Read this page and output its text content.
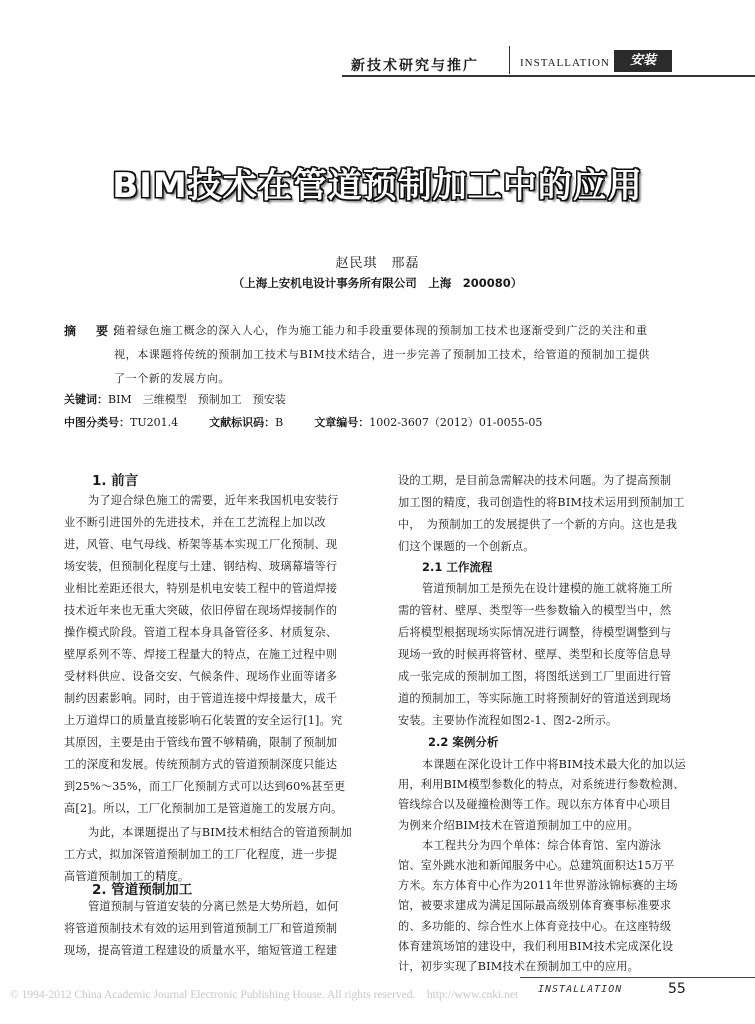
新技术研究与推广	INSTALLATION	安装
BIM技术在管道预制加工中的应用
赵民琪　邢磊
（上海上安机电设计事务所有限公司　上海　200080）
摘　要：
随着绿色施工概念的深入人心，作为施工能力和手段重要体现的预制加工技术也逐渐受到广泛的关注和重
视，本课题将传统的预制加工技术与BIM技术结合，进一步完善了预制加工技术，给管道的预制加工提供
了一个新的发展方向。
关键词：BIM　三维模型　预制加工　预安装
中图分类号：TU201.4	文献标识码：B	文章编号：1002-3607（2012）01-0055-05
1. 前言
为了迎合绿色施工的需要，近年来我国机电安装行
业不断引进国外的先进技术，并在工艺流程上加以改
进，风管、电气母线、桥架等基本实现工厂化预制、现
场安装，但预制化程度与土建、钢结构、玻璃幕墙等行
业相比差距还很大，特别是机电安装工程中的管道焊接
技术近年来也无重大突破，依旧停留在现场焊接制作的
操作模式阶段。管道工程本身具备管径多、材质复杂、
壁厚系列不等、焊接工程量大的特点，在施工过程中则
受材料供应、设备交安、气候条件、现场作业面等诸多
制约因素影响。同时，由于管道连接中焊接量大，成千
上万道焊口的质量直接影响石化装置的安全运行[1]。究
其原因，主要是由于管线布置不够精确，限制了预制加
工的深度和发展。传统预制方式的管道预制深度只能达
到25%～35%，而工厂化预制方式可以达到60%甚至更
高[2]。所以，工厂化预制加工是管道施工的发展方向。
为此，本课题提出了与BIM技术相结合的管道预制加
工方式，拟加深管道预制加工的工厂化程度，进一步提
高管道预制加工的精度。
2. 管道预制加工
管道预制与管道安装的分离已然是大势所趋，如何
将管道预制技术有效的运用到管道预制工厂和管道预制
现场，提高管道工程建设的质量水平，缩短管道工程建
设的工期，是目前急需解决的技术问题。为了提高预制
加工图的精度，我司创造性的将BIM技术运用到预制加工
中，　为预制加工的发展提供了一个新的方向。这也是我
们这个课题的一个创新点。
2.1 工作流程
管道预制加工是预先在设计建模的施工就将施工所
需的管材、壁厚、类型等一些参数输入的模型当中，然
后将模型根据现场实际情况进行调整，待模型调整到与
现场一致的时候再将管材、壁厚、类型和长度等信息导
成一张完成的预制加工图，将图纸送到工厂里面进行管
道的预制加工，等实际施工时将预制好的管道送到现场
安装。主要协作流程如图2-1、图2-2所示。
2.2 案例分析
本课题在深化设计工作中将BIM技术最大化的加以运
用，利用BIM模型参数化的特点，对系统进行参数检测、
管线综合以及碰撞检测等工作。现以东方体育中心项目
为例来介绍BIM技术在管道预制加工中的应用。
本工程共分为四个单体：综合体育馆、室内游泳
馆、室外跳水池和新闻服务中心。总建筑面积达15万平
方米。东方体育中心作为2011年世界游泳锦标赛的主场
馆，被要求建成为满足国际最高级别体育赛事标准要求
的、多功能的、综合性水上体育竞技中心。在这座特级
© 1994-2012 China Academic Journal Electronic Publishing House. All rights reserved.　http://www.cnki.net INSTALLATION	55
体育建筑场馆的建设中，我们利用BIM技术完成深化设
计，初步实现了BIM技术在预制加工中的应用。
